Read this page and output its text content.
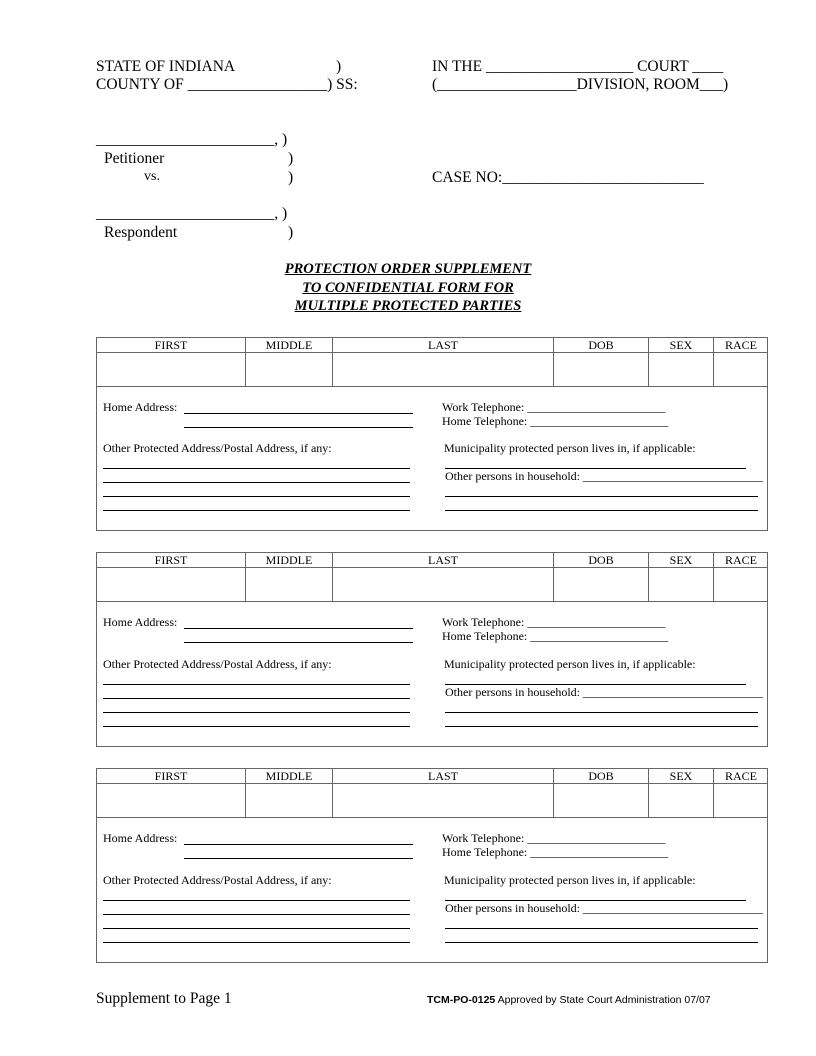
STATE OF INDIANA	)
COUNTY OF __________________) SS:
IN THE ___________________ COURT ____
(__________________DIVISION, ROOM___)
_______________________, )
Petitioner	)
vs.	)	CASE NO:__________________________
_______________________, )
Respondent	)
PROTECTION ORDER SUPPLEMENT
TO CONFIDENTIAL FORM FOR
MULTIPLE PROTECTED PARTIES
FIRST	MIDDLE	LAST	DOB	SEX	RACE
Home Address:	Work Telephone: _______________________
Home Telephone: _______________________
Other Protected Address/Postal Address, if any:	Municipality protected person lives in, if applicable:
Other persons in household: ______________________________
FIRST	MIDDLE	LAST	DOB	SEX	RACE
Home Address:	Work Telephone: _______________________
Home Telephone: _______________________
Other Protected Address/Postal Address, if any:	Municipality protected person lives in, if applicable:
Other persons in household: ______________________________
FIRST	MIDDLE	LAST	DOB	SEX	RACE
Home Address:	Work Telephone: _______________________
Home Telephone: _______________________
Other Protected Address/Postal Address, if any:	Municipality protected person lives in, if applicable:
Other persons in household: ______________________________
Supplement to Page 1	TCM-PO-0125 Approved by State Court Administration 07/07
